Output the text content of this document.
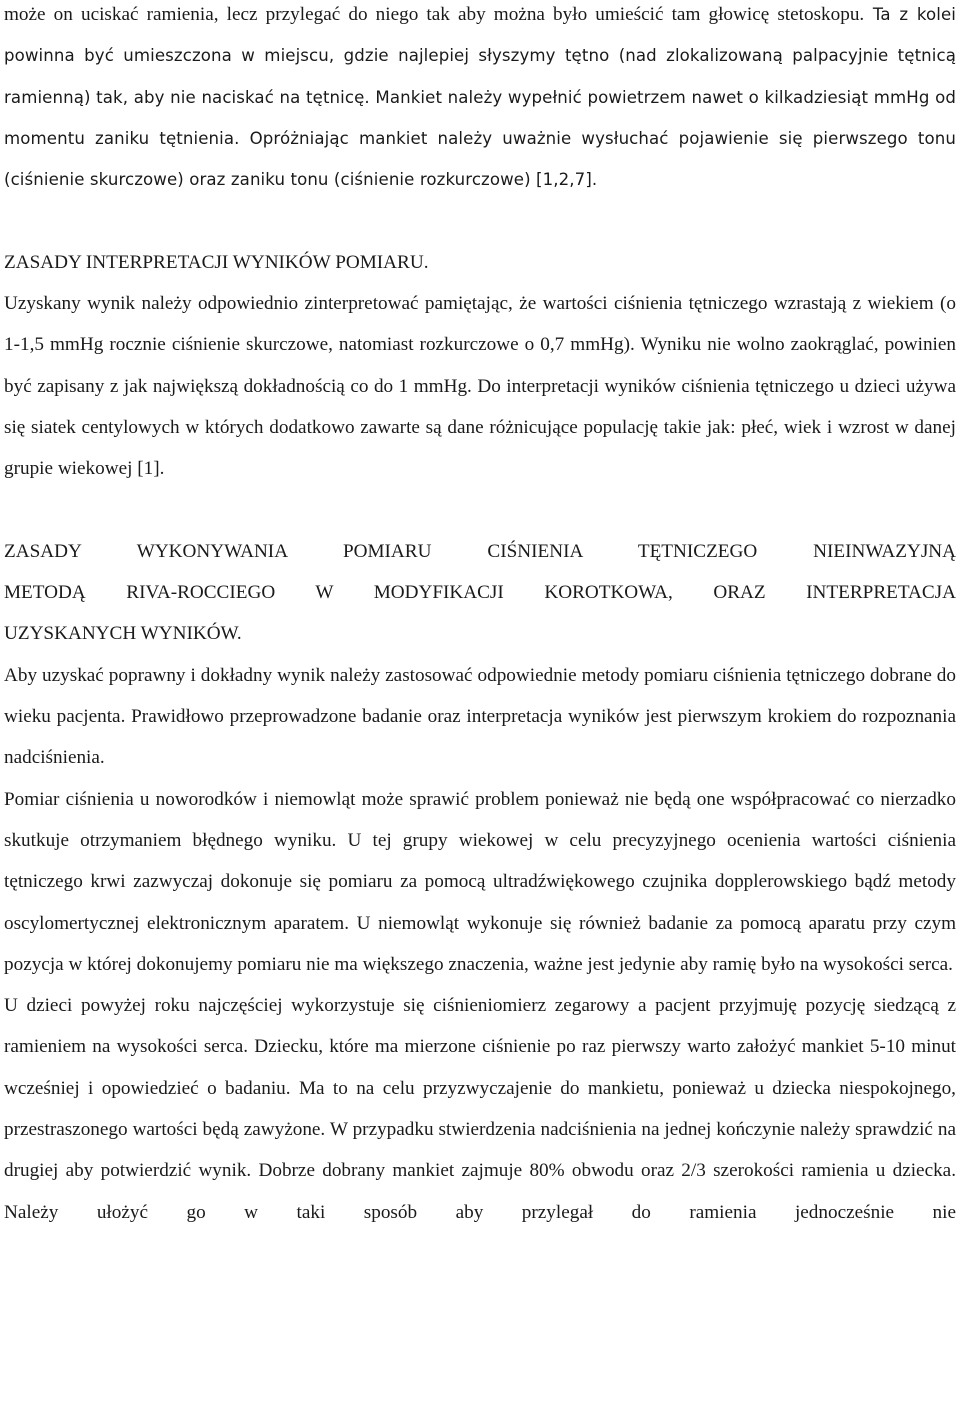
może on uciskać ramienia, lecz przylegać do niego tak aby można było umieścić tam głowicę stetoskopu. Ta z kolei powinna być umieszczona w miejscu, gdzie najlepiej słyszymy tętno (nad zlokalizowaną palpacyjnie tętnicą ramienną) tak, aby nie naciskać na tętnicę. Mankiet należy wypełnić powietrzem nawet o kilkadziesiąt mmHg od momentu zaniku tętnienia. Opróżniając mankiet należy uważnie wysłuchać pojawienie się pierwszego tonu (ciśnienie skurczowe) oraz zaniku tonu (ciśnienie rozkurczowe) [1,2,7].

ZASADY INTERPRETACJI WYNIKÓW POMIARU.

Uzyskany wynik należy odpowiednio zinterpretować pamiętając, że wartości ciśnienia tętniczego wzrastają z wiekiem (o 1-1,5 mmHg rocznie ciśnienie skurczowe, natomiast rozkurczowe o 0,7 mmHg). Wyniku nie wolno zaokrąglać, powinien być zapisany z jak największą dokładnością co do 1 mmHg. Do interpretacji wyników ciśnienia tętniczego u dzieci używa się siatek centylowych w których dodatkowo zawarte są dane różnicujące populację takie jak: płeć, wiek i wzrost w danej grupie wiekowej [1].

ZASADY WYKONYWANIA POMIARU CIŚNIENIA TĘTNICZEGO NIEINWAZYJNĄ

METODĄ RIVA-ROCCIEGO W MODYFIKACJI KOROTKOWA, ORAZ INTERPRETACJA

UZYSKANYCH WYNIKÓW.

Aby uzyskać poprawny i dokładny wynik należy zastosować odpowiednie metody pomiaru ciśnienia tętniczego dobrane do wieku pacjenta. Prawidłowo przeprowadzone badanie oraz interpretacja wyników jest pierwszym krokiem do rozpoznania nadciśnienia.

Pomiar ciśnienia u noworodków i niemowląt może sprawić problem ponieważ nie będą one współpracować co nierzadko skutkuje otrzymaniem błędnego wyniku. U tej grupy wiekowej w celu precyzyjnego ocenienia wartości ciśnienia tętniczego krwi zazwyczaj dokonuje się pomiaru za pomocą ultradźwiękowego czujnika dopplerowskiego bądź metody oscylomertycznej elektronicznym aparatem. U niemowląt wykonuje się również badanie za pomocą aparatu przy czym pozycja w której dokonujemy pomiaru nie ma większego znaczenia, ważne jest jedynie aby ramię było na wysokości serca.

U dzieci powyżej roku najczęściej wykorzystuje się ciśnieniomierz zegarowy a pacjent przyjmuję pozycję siedzącą z ramieniem na wysokości serca. Dziecku, które ma mierzone ciśnienie po raz pierwszy warto założyć mankiet 5-10 minut wcześniej i opowiedzieć o badaniu. Ma to na celu przyzwyczajenie do mankietu, ponieważ u dziecka niespokojnego, przestraszonego wartości będą zawyżone. W przypadku stwierdzenia nadciśnienia na jednej kończynie należy sprawdzić na drugiej aby potwierdzić wynik. Dobrze dobrany mankiet zajmuje 80% obwodu oraz 2/3 szerokości ramienia u dziecka. Należy ułożyć go w taki sposób aby przylegał do ramienia jednocześnie nie
